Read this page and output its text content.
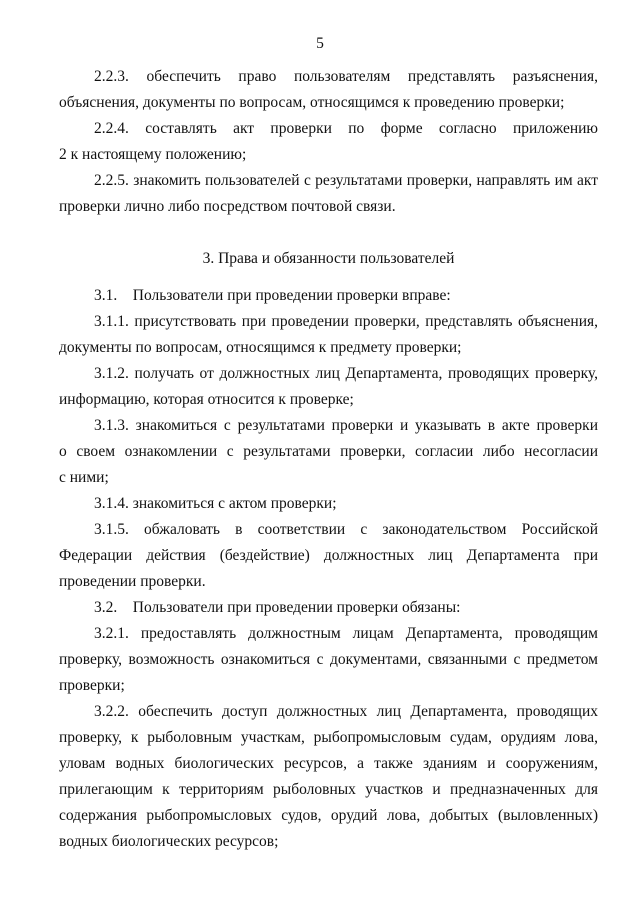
5
2.2.3. обеспечить право пользователям представлять разъяснения,
объяснения, документы по вопросам, относящимся к проведению проверки;
2.2.4. составлять акт проверки по форме согласно приложению
2 к настоящему положению;
2.2.5. знакомить пользователей с результатами проверки, направлять им акт
проверки лично либо посредством почтовой связи.
3. Права и обязанности пользователей
3.1.    Пользователи при проведении проверки вправе:
3.1.1. присутствовать при проведении проверки, представлять объяснения,
документы по вопросам, относящимся к предмету проверки;
3.1.2. получать от должностных лиц Департамента, проводящих проверку,
информацию, которая относится к проверке;
3.1.3. знакомиться с результатами проверки и указывать в акте проверки
о своем ознакомлении с результатами проверки, согласии либо несогласии
с ними;
3.1.4. знакомиться с актом проверки;
3.1.5. обжаловать в соответствии с законодательством Российской
Федерации действия (бездействие) должностных лиц Департамента при
проведении проверки.
3.2.    Пользователи при проведении проверки обязаны:
3.2.1. предоставлять должностным лицам Департамента, проводящим
проверку, возможность ознакомиться с документами, связанными с предметом
проверки;
3.2.2. обеспечить доступ должностных лиц Департамента, проводящих
проверку, к рыболовным участкам, рыбопромысловым судам, орудиям лова,
уловам водных биологических ресурсов, а также зданиям и сооружениям,
прилегающим к территориям рыболовных участков и предназначенных для
содержания рыбопромысловых судов, орудий лова, добытых (выловленных)
водных биологических ресурсов;
